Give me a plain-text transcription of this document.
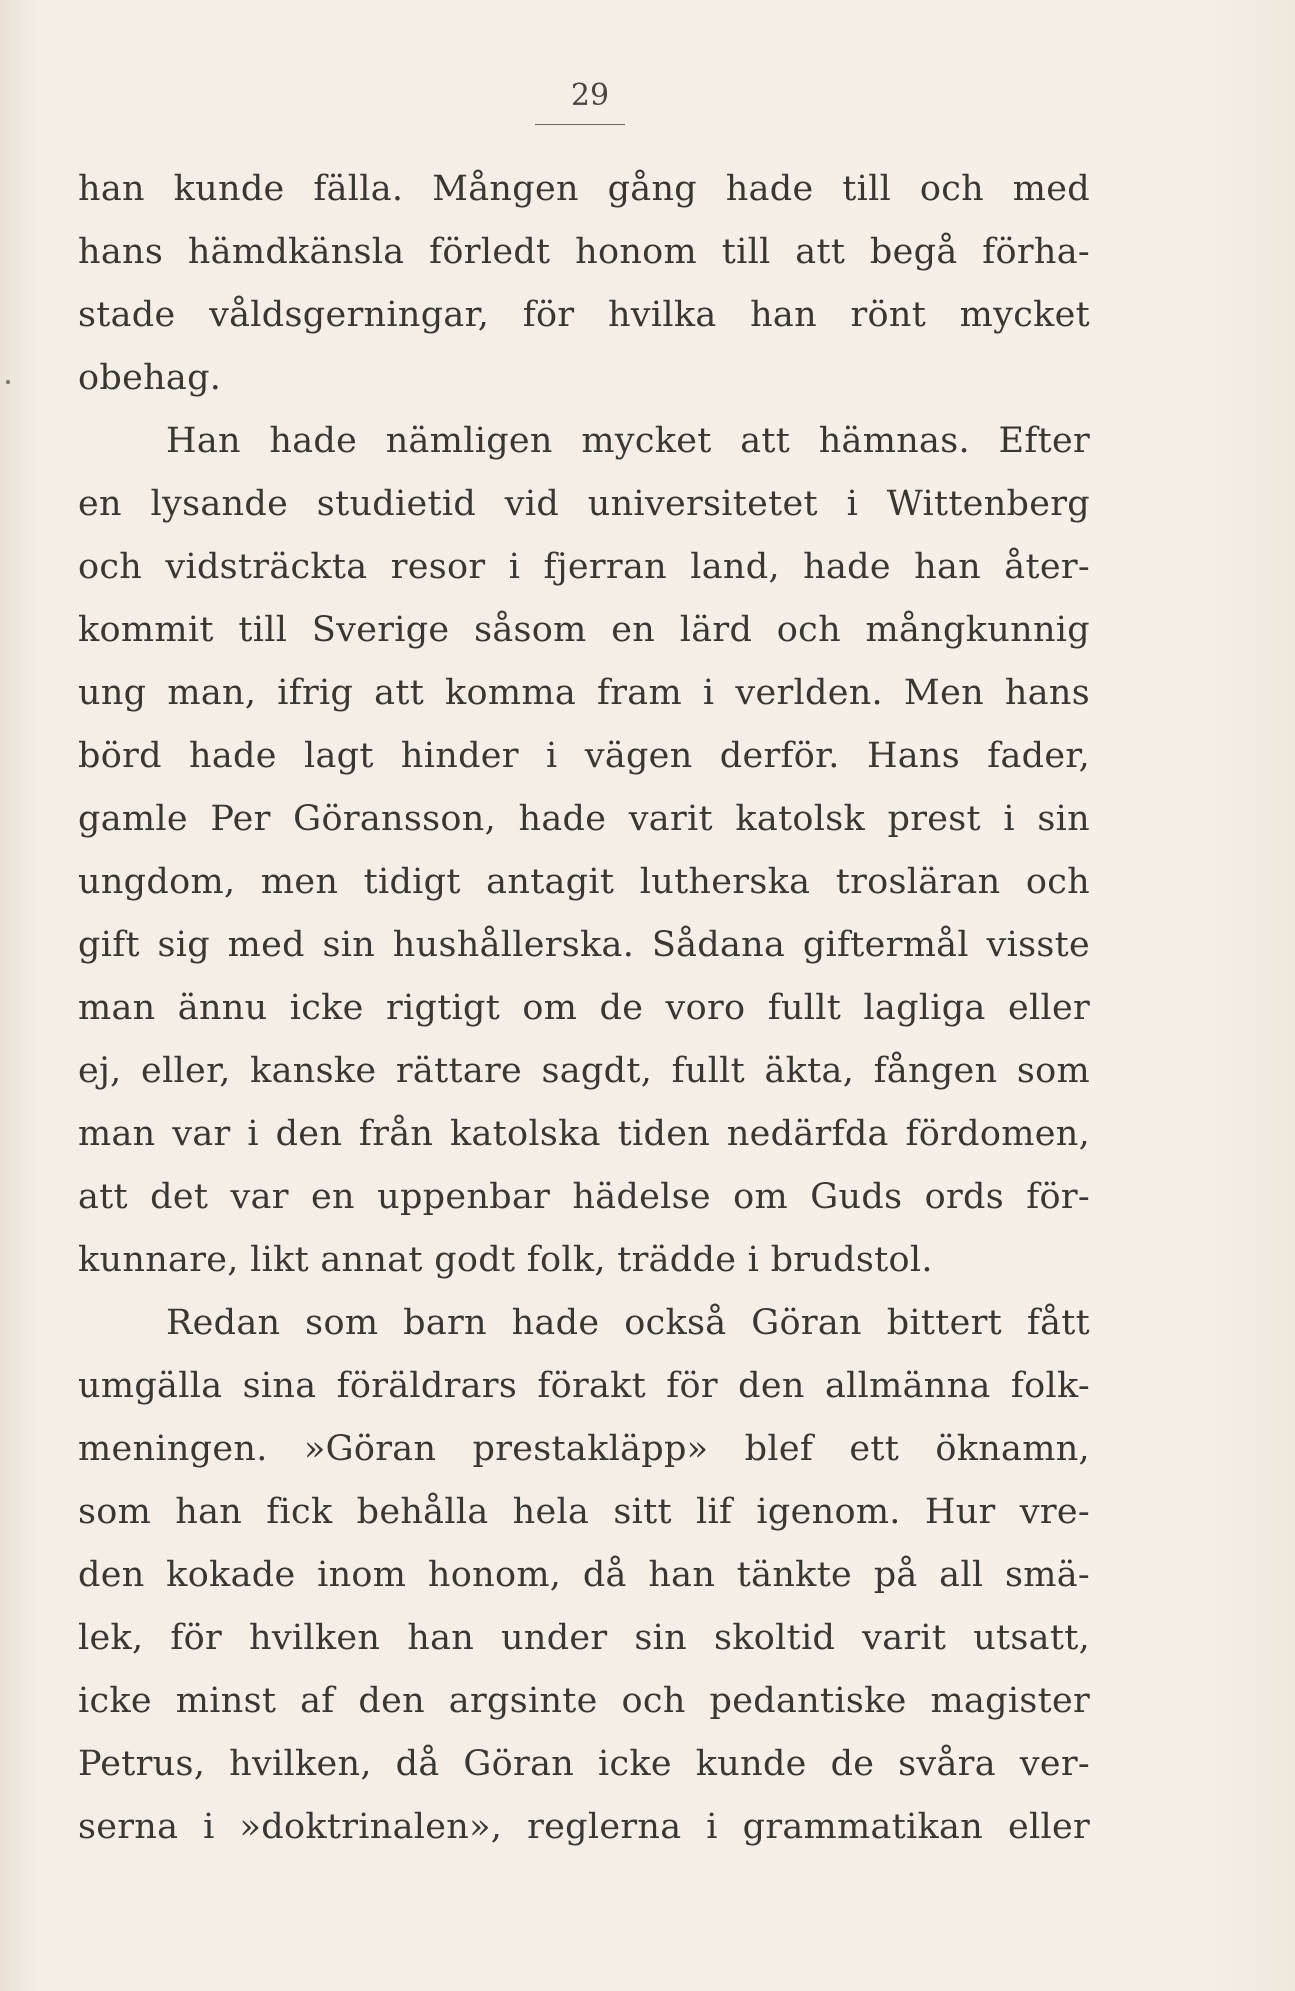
29
han kunde fälla. Mången gång hade till och med
hans hämdkänsla förledt honom till att begå förha-
stade våldsgerningar, för hvilka han rönt mycket
obehag.
Han hade nämligen mycket att hämnas. Efter
en lysande studietid vid universitetet i Wittenberg
och vidsträckta resor i fjerran land, hade han åter-
kommit till Sverige såsom en lärd och mångkunnig
ung man, ifrig att komma fram i verlden. Men hans
börd hade lagt hinder i vägen derför. Hans fader,
gamle Per Göransson, hade varit katolsk prest i sin
ungdom, men tidigt antagit lutherska trosläran och
gift sig med sin hushållerska. Sådana giftermål visste
man ännu icke rigtigt om de voro fullt lagliga eller
ej, eller, kanske rättare sagdt, fullt äkta, fången som
man var i den från katolska tiden nedärfda fördomen,
att det var en uppenbar hädelse om Guds ords för-
kunnare, likt annat godt folk, trädde i brudstol.
Redan som barn hade också Göran bittert fått
umgälla sina föräldrars förakt för den allmänna folk-
meningen. »Göran prestakläpp» blef ett öknamn,
som han fick behålla hela sitt lif igenom. Hur vre-
den kokade inom honom, då han tänkte på all smä-
lek, för hvilken han under sin skoltid varit utsatt,
icke minst af den argsinte och pedantiske magister
Petrus, hvilken, då Göran icke kunde de svåra ver-
serna i »doktrinalen», reglerna i grammatikan eller
